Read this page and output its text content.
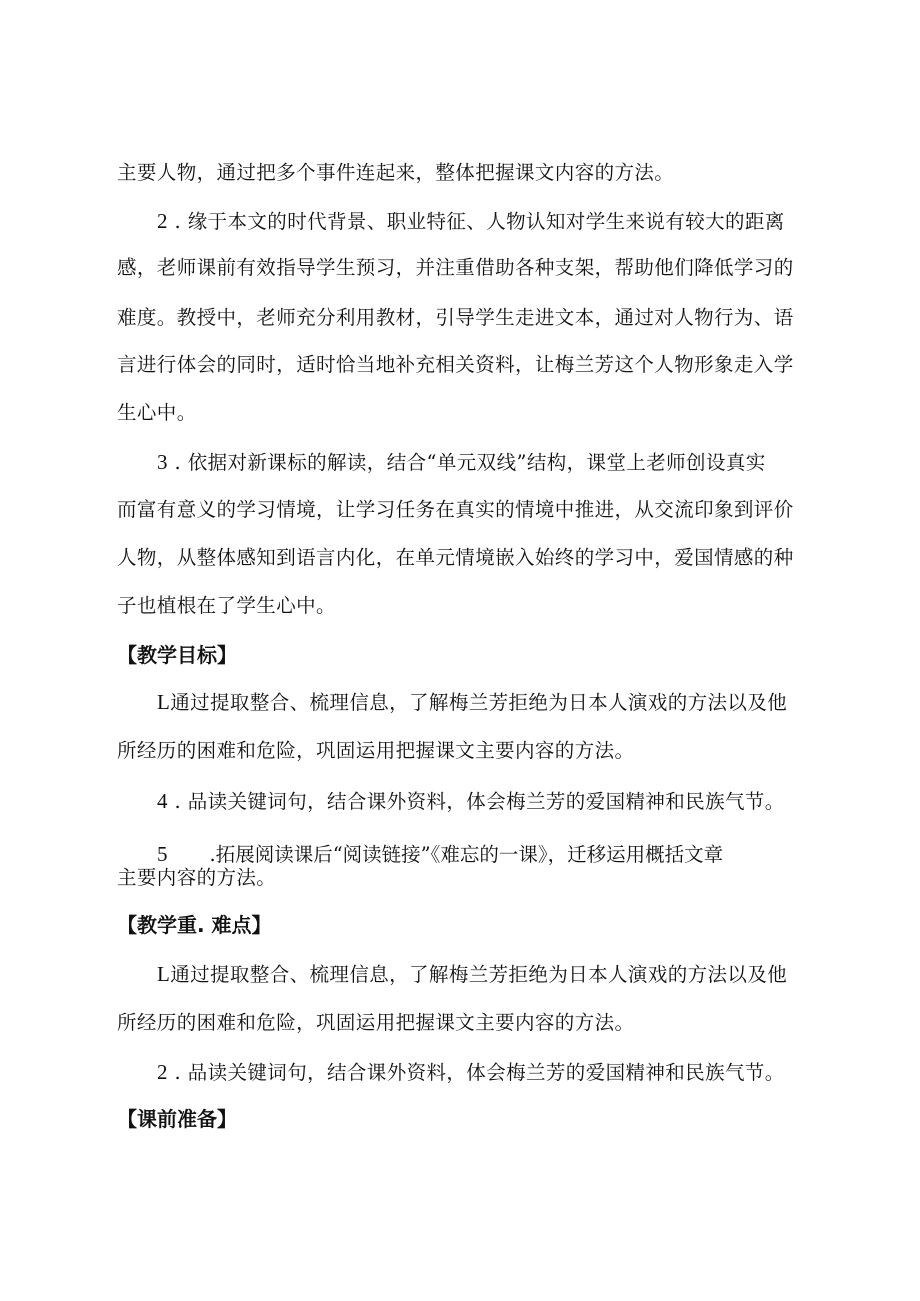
主要人物，通过把多个事件连起来，整体把握课文内容的方法。
2 . 缘于本文的时代背景、职业特征、人物认知对学生来说有较大的距离
感，老师课前有效指导学生预习，并注重借助各种支架，帮助他们降低学习的
难度。教授中，老师充分利用教材，引导学生走进文本，通过对人物行为、语
言进行体会的同时，适时恰当地补充相关资料，让梅兰芳这个人物形象走入学
生心中。
3 . 依据对新课标的解读，结合“单元双线”结构，课堂上老师创设真实
而富有意义的学习情境，让学习任务在真实的情境中推进，从交流印象到评价
人物，从整体感知到语言内化，在单元情境嵌入始终的学习中，爱国情感的种
子也植根在了学生心中。
【教学目标】
L通过提取整合、梳理信息，了解梅兰芳拒绝为日本人演戏的方法以及他
所经历的困难和危险，巩固运用把握课文主要内容的方法。
4 . 品读关键词句，结合课外资料，体会梅兰芳的爱国精神和民族气节。
5 .拓展阅读课后“阅读链接”《难忘的一课》，迁移运用概括文章
主要内容的方法。
【教学重. 难点】
L通过提取整合、梳理信息，了解梅兰芳拒绝为日本人演戏的方法以及他
所经历的困难和危险，巩固运用把握课文主要内容的方法。
2 . 品读关键词句，结合课外资料，体会梅兰芳的爱国精神和民族气节。
【课前准备】
